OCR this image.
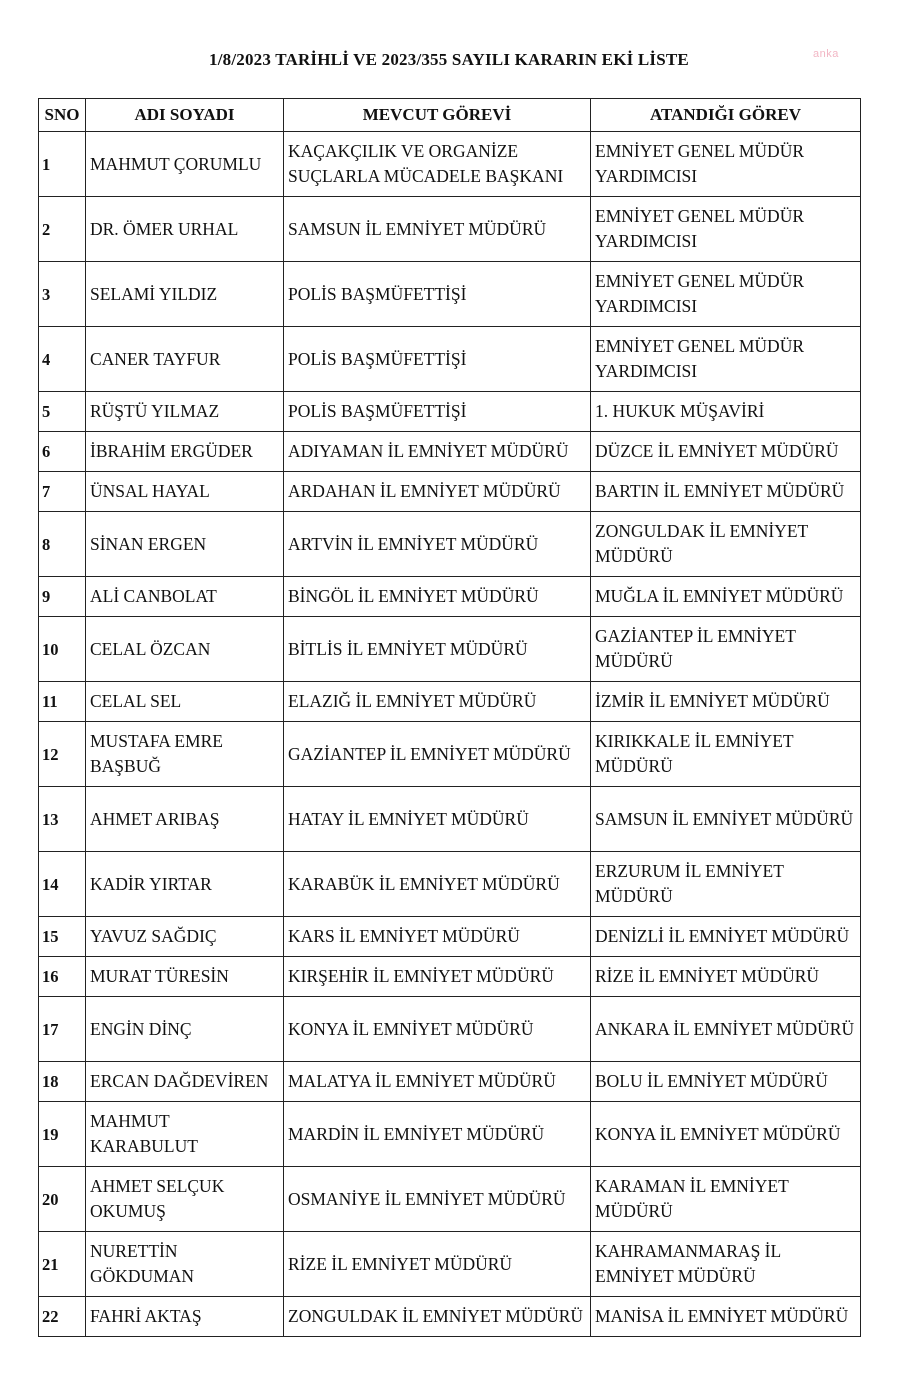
anka
1/8/2023 TARİHLİ VE 2023/355 SAYILI KARARIN EKİ LİSTE
SNO	ADI SOYADI	MEVCUT GÖREVİ	ATANDIĞI GÖREV
1	MAHMUT ÇORUMLU	KAÇAKÇILIK VE ORGANİZE SUÇLARLA MÜCADELE BAŞKANI	EMNİYET GENEL MÜDÜR YARDIMCISI
2	DR. ÖMER URHAL	SAMSUN İL EMNİYET MÜDÜRÜ	EMNİYET GENEL MÜDÜR YARDIMCISI
3	SELAMİ YILDIZ	POLİS BAŞMÜFETTİŞİ	EMNİYET GENEL MÜDÜR YARDIMCISI
4	CANER TAYFUR	POLİS BAŞMÜFETTİŞİ	EMNİYET GENEL MÜDÜR YARDIMCISI
5	RÜŞTÜ YILMAZ	POLİS BAŞMÜFETTİŞİ	1. HUKUK MÜŞAVİRİ
6	İBRAHİM ERGÜDER	ADIYAMAN İL EMNİYET MÜDÜRÜ	DÜZCE İL EMNİYET MÜDÜRÜ
7	ÜNSAL HAYAL	ARDAHAN İL EMNİYET MÜDÜRÜ	BARTIN İL EMNİYET MÜDÜRÜ
8	SİNAN ERGEN	ARTVİN İL EMNİYET MÜDÜRÜ	ZONGULDAK İL EMNİYET MÜDÜRÜ
9	ALİ CANBOLAT	BİNGÖL İL EMNİYET MÜDÜRÜ	MUĞLA İL EMNİYET MÜDÜRÜ
10	CELAL ÖZCAN	BİTLİS İL EMNİYET MÜDÜRÜ	GAZİANTEP İL EMNİYET MÜDÜRÜ
11	CELAL SEL	ELAZIĞ İL EMNİYET MÜDÜRÜ	İZMİR İL EMNİYET MÜDÜRÜ
12	MUSTAFA EMRE BAŞBUĞ	GAZİANTEP İL EMNİYET MÜDÜRÜ	KIRIKKALE İL EMNİYET MÜDÜRÜ
13	AHMET ARIBAŞ	HATAY İL EMNİYET MÜDÜRÜ	SAMSUN İL EMNİYET MÜDÜRÜ
14	KADİR YIRTAR	KARABÜK İL EMNİYET MÜDÜRÜ	ERZURUM İL EMNİYET MÜDÜRÜ
15	YAVUZ SAĞDIÇ	KARS İL EMNİYET MÜDÜRÜ	DENİZLİ İL EMNİYET MÜDÜRÜ
16	MURAT TÜRESİN	KIRŞEHİR İL EMNİYET MÜDÜRÜ	RİZE İL EMNİYET MÜDÜRÜ
17	ENGİN DİNÇ	KONYA İL EMNİYET MÜDÜRÜ	ANKARA İL EMNİYET MÜDÜRÜ
18	ERCAN DAĞDEVİREN	MALATYA İL EMNİYET MÜDÜRÜ	BOLU İL EMNİYET MÜDÜRÜ
19	MAHMUT KARABULUT	MARDİN İL EMNİYET MÜDÜRÜ	KONYA İL EMNİYET MÜDÜRÜ
20	AHMET SELÇUK OKUMUŞ	OSMANİYE İL EMNİYET MÜDÜRÜ	KARAMAN İL EMNİYET MÜDÜRÜ
21	NURETTİN GÖKDUMAN	RİZE İL EMNİYET MÜDÜRÜ	KAHRAMANMARAŞ İL EMNİYET MÜDÜRÜ
22	FAHRİ AKTAŞ	ZONGULDAK İL EMNİYET MÜDÜRÜ	MANİSA İL EMNİYET MÜDÜRÜ
